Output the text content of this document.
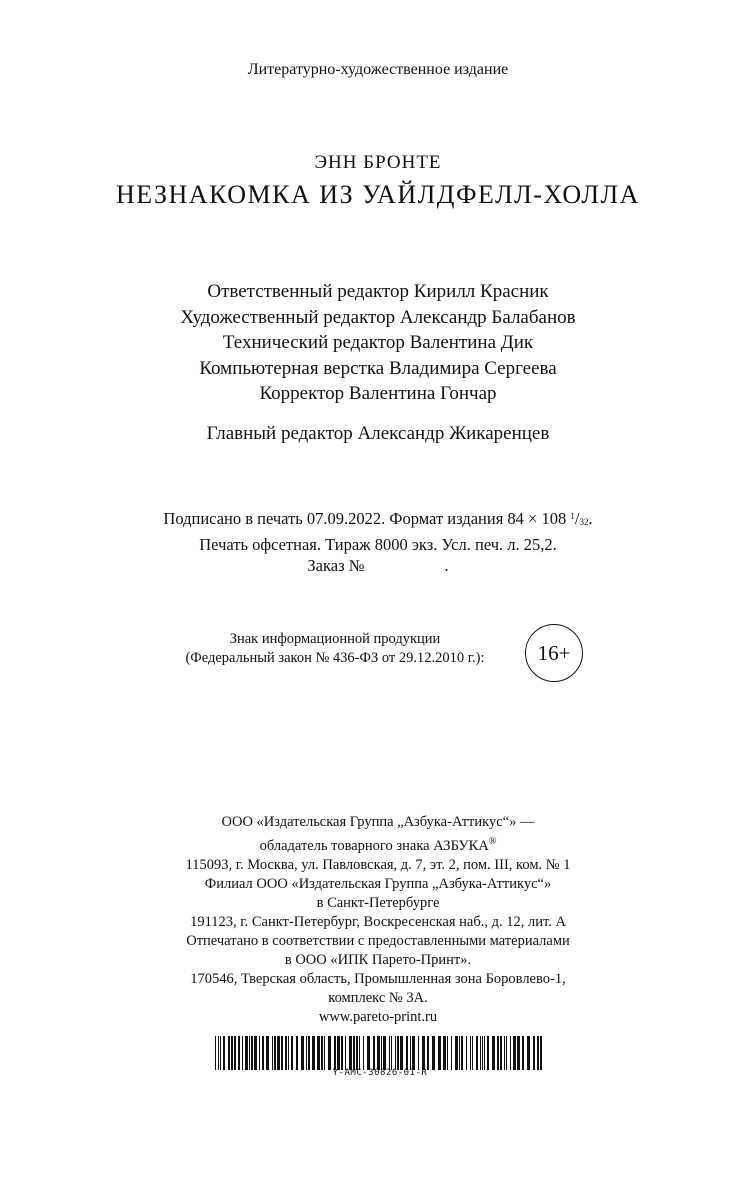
Литературно-художественное издание
ЭНН БРОНТЕ
НЕЗНАКОМКА ИЗ УАЙЛДФЕЛЛ-ХОЛЛА
Ответственный редактор Кирилл Красник
Художественный редактор Александр Балабанов
Технический редактор Валентина Дик
Компьютерная верстка Владимира Сергеева
Корректор Валентина Гончар
Главный редактор Александр Жикаренцев
Подписано в печать 07.09.2022. Формат издания 84 × 108 $^1/_{32}$.
Печать офсетная. Тираж 8000 экз. Усл. печ. л. 25,2.
Заказ №	.
Знак информационной продукции
(Федеральный закон № 436-ФЗ от 29.12.2010 г.):	16+
ООО «Издательская Группа „Азбука-Аттикус“» —
обладатель товарного знака АЗБУКА®
115093, г. Москва, ул. Павловская, д. 7, эт. 2, пом. III, ком. № 1
Филиал ООО «Издательская Группа „Азбука-Аттикус“»
в Санкт-Петербурге
191123, г. Санкт-Петербург, Воскресенская наб., д. 12, лит. А
Отпечатано в соответствии с предоставленными материалами
в ООО «ИПК Парето-Принт».
170546, Тверская область, Промышленная зона Боровлево-1,
комплекс № 3А.
www.pareto-print.ru
Y-AMC-30826-01-R
